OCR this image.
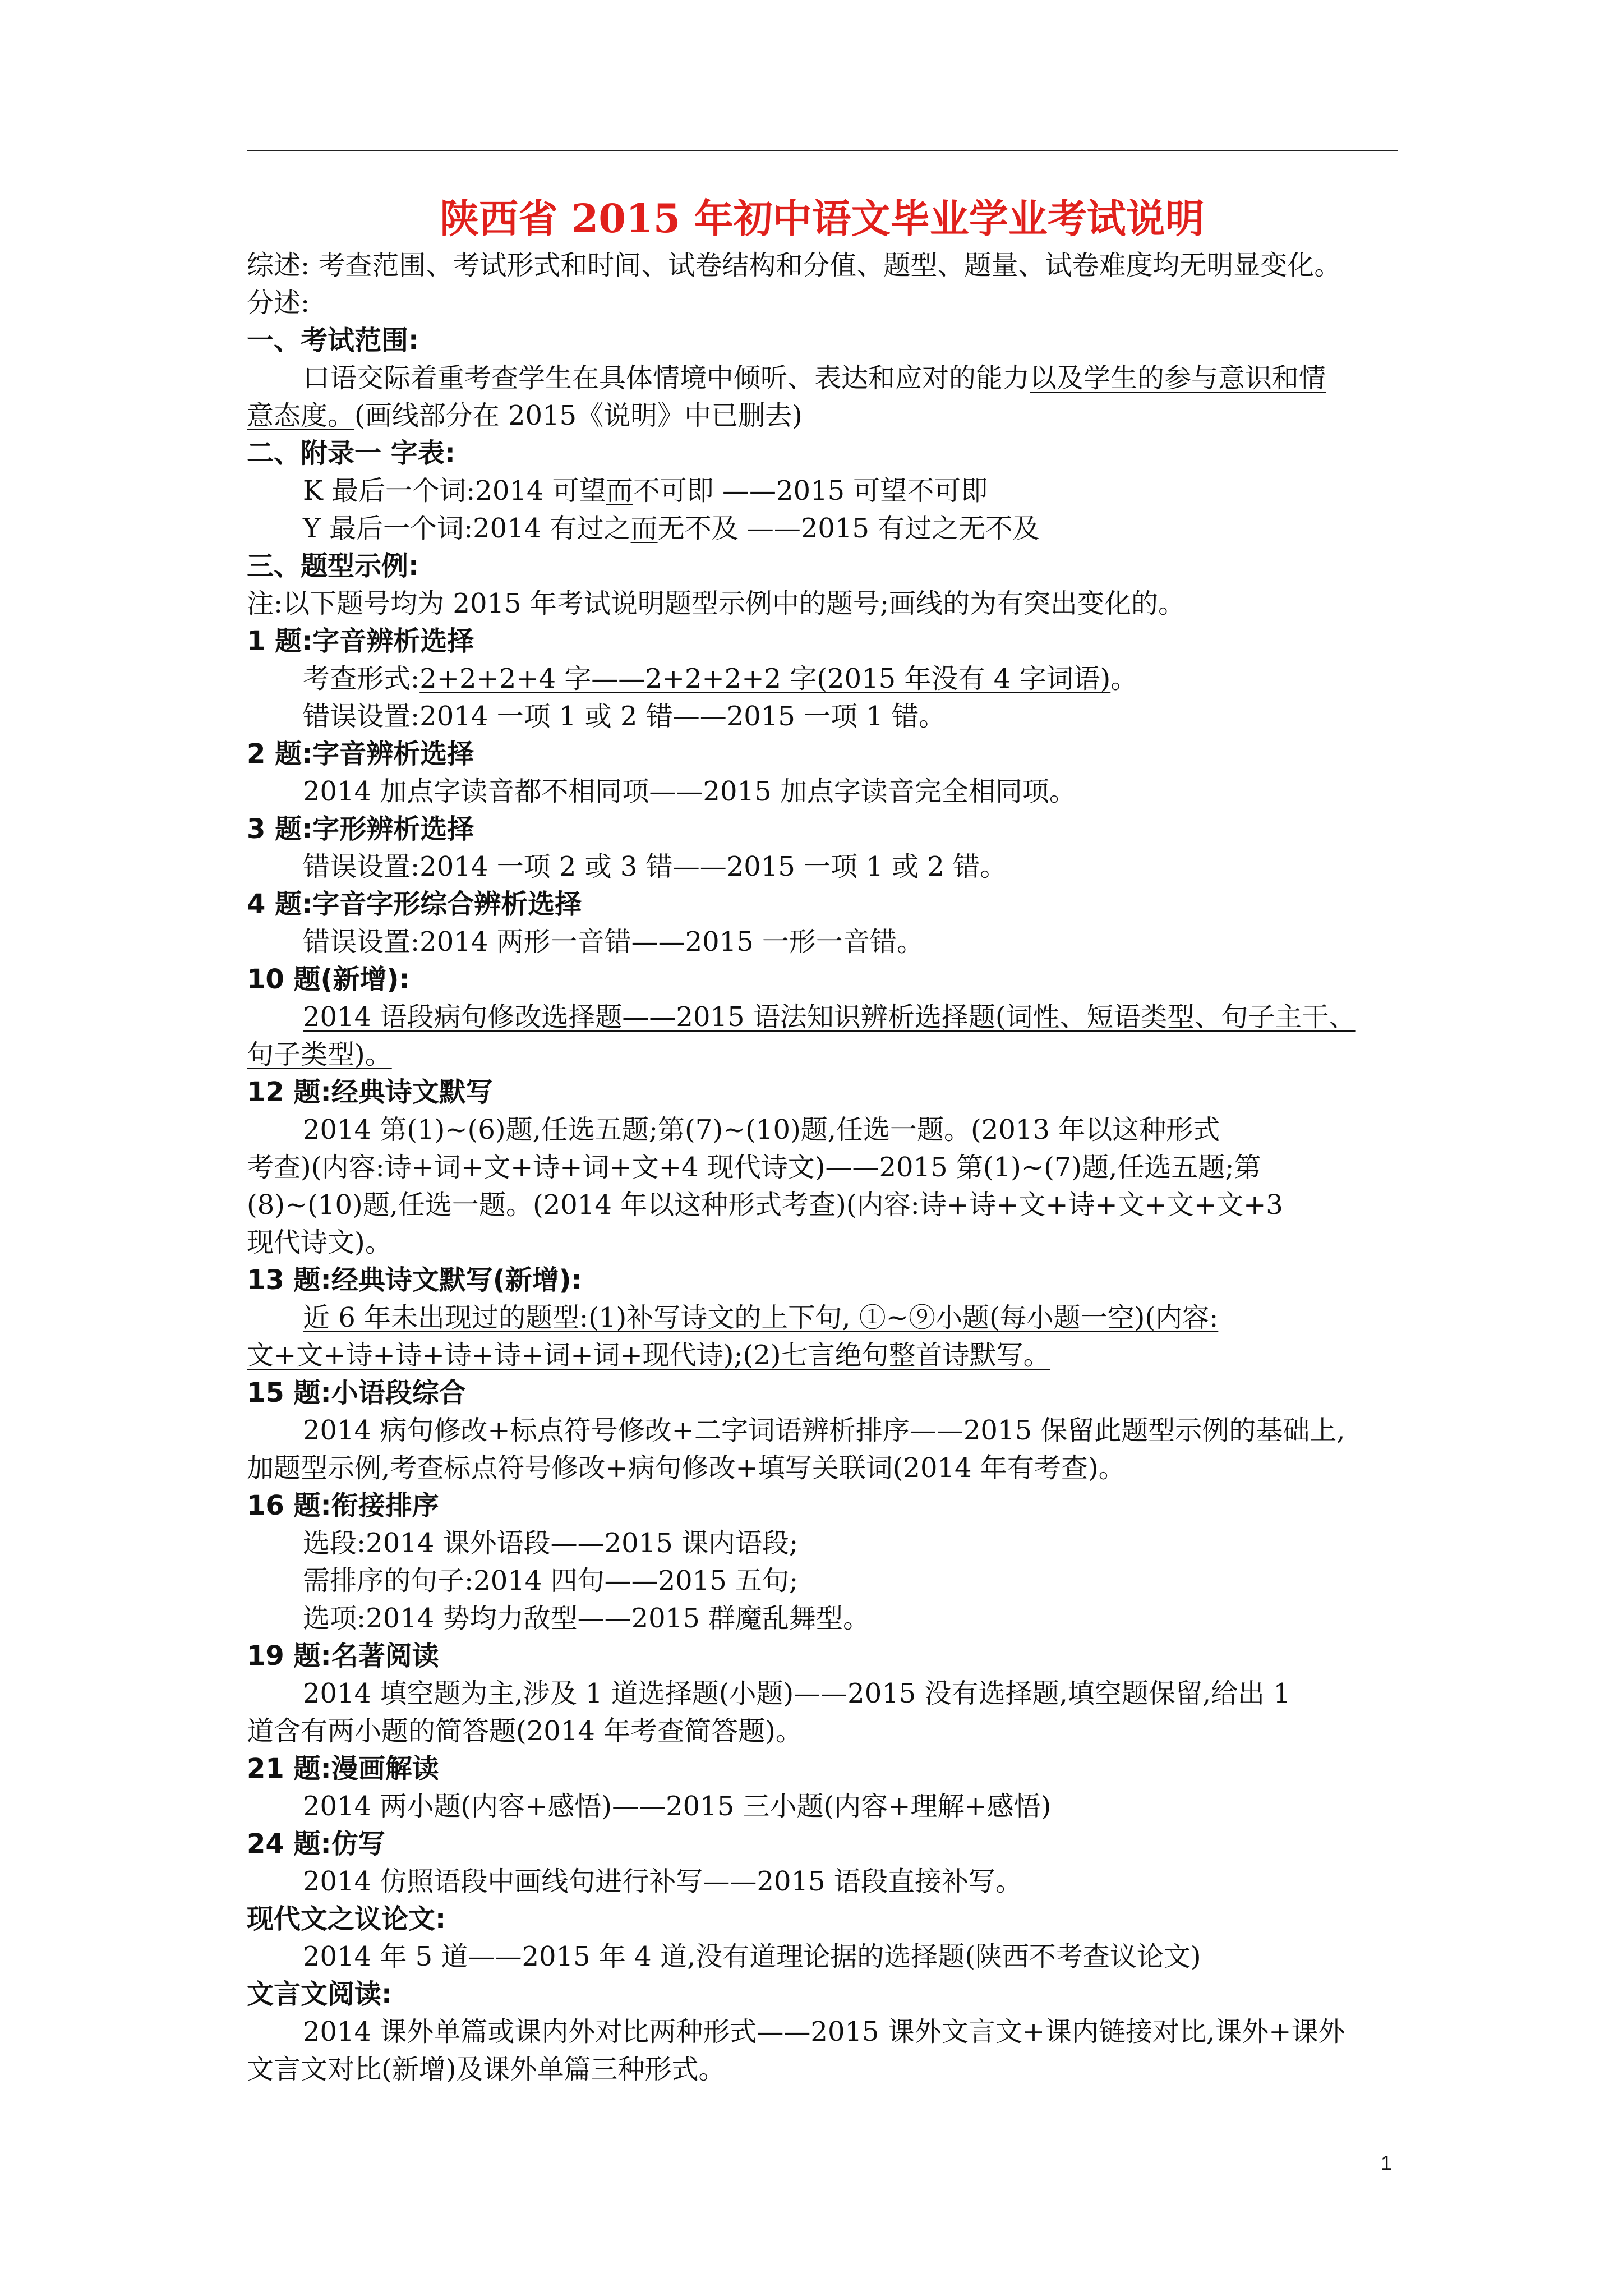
陕西省 2015 年初中语文毕业学业考试说明
综述: 考查范围、考试形式和时间、试卷结构和分值、题型、题量、试卷难度均无明显变化。
分述:
一、考试范围:
口语交际着重考查学生在具体情境中倾听、表达和应对的能力以及学生的参与意识和情
意态度。(画线部分在 2015《说明》中已删去)
二、附录一 字表:
K 最后一个词:2014 可望而不可即 ——2015 可望不可即
Y 最后一个词:2014 有过之而无不及 ——2015 有过之无不及
三、题型示例:
注:以下题号均为 2015 年考试说明题型示例中的题号;画线的为有突出变化的。
1 题:字音辨析选择
考查形式:2+2+2+4 字——2+2+2+2 字(2015 年没有 4 字词语)。
错误设置:2014 一项 1 或 2 错——2015 一项 1 错。
2 题:字音辨析选择
2014 加点字读音都不相同项——2015 加点字读音完全相同项。
3 题:字形辨析选择
错误设置:2014 一项 2 或 3 错——2015 一项 1 或 2 错。
4 题:字音字形综合辨析选择
错误设置:2014 两形一音错——2015 一形一音错。
10 题(新增):
2014 语段病句修改选择题——2015 语法知识辨析选择题(词性、短语类型、句子主干、
句子类型)。
12 题:经典诗文默写
2014 第(1)~(6)题,任选五题;第(7)~(10)题,任选一题。(2013 年以这种形式
考查)(内容:诗+词+文+诗+词+文+4 现代诗文)——2015 第(1)~(7)题,任选五题;第
(8)~(10)题,任选一题。(2014 年以这种形式考查)(内容:诗+诗+文+诗+文+文+文+3
现代诗文)。
13 题:经典诗文默写(新增):
近 6 年未出现过的题型:(1)补写诗文的上下句, ①~⑨小题(每小题一空)(内容:
文+文+诗+诗+诗+诗+词+词+现代诗);(2)七言绝句整首诗默写。
15 题:小语段综合
2014 病句修改+标点符号修改+二字词语辨析排序——2015 保留此题型示例的基础上,
加题型示例,考查标点符号修改+病句修改+填写关联词(2014 年有考查)。
16 题:衔接排序
选段:2014 课外语段——2015 课内语段;
需排序的句子:2014 四句——2015 五句;
选项:2014 势均力敌型——2015 群魔乱舞型。
19 题:名著阅读
2014 填空题为主,涉及 1 道选择题(小题)——2015 没有选择题,填空题保留,给出 1
道含有两小题的简答题(2014 年考查简答题)。
21 题:漫画解读
2014 两小题(内容+感悟)——2015 三小题(内容+理解+感悟)
24 题:仿写
2014 仿照语段中画线句进行补写——2015 语段直接补写。
现代文之议论文:
2014 年 5 道——2015 年 4 道,没有道理论据的选择题(陕西不考查议论文)
文言文阅读:
2014 课外单篇或课内外对比两种形式——2015 课外文言文+课内链接对比,课外+课外
文言文对比(新增)及课外单篇三种形式。
1
